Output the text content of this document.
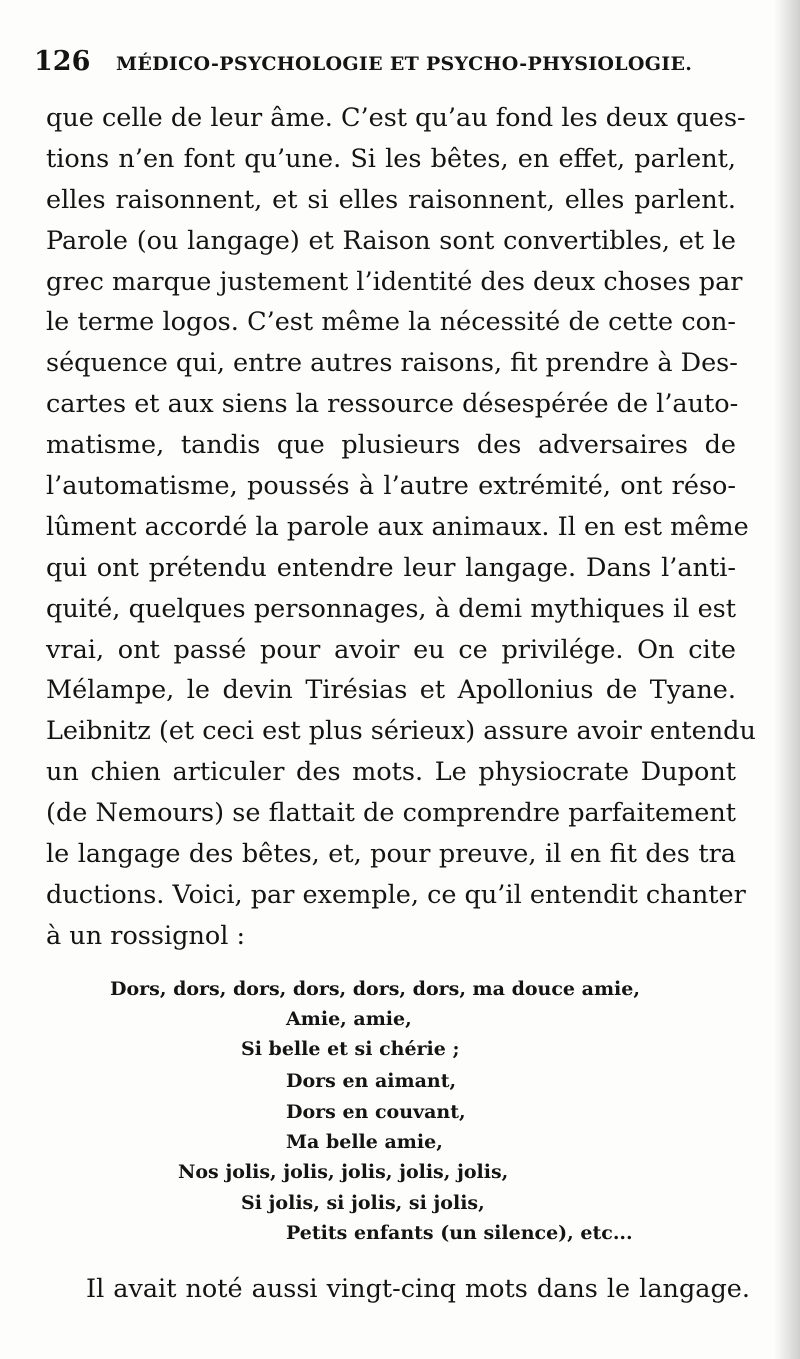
126 MÉDICO-PSYCHOLOGIE ET PSYCHO-PHYSIOLOGIE.
que celle de leur âme. C’est qu’au fond les deux ques-
tions n’en font qu’une. Si les bêtes, en effet, parlent,
elles raisonnent, et si elles raisonnent, elles parlent.
Parole (ou langage) et Raison sont convertibles, et le
grec marque justement l’identité des deux choses par
le terme logos. C’est même la nécessité de cette con-
séquence qui, entre autres raisons, fit prendre à Des-
cartes et aux siens la ressource désespérée de l’auto-
matisme, tandis que plusieurs des adversaires de
l’automatisme, poussés à l’autre extrémité, ont réso-
lûment accordé la parole aux animaux. Il en est même
qui ont prétendu entendre leur langage. Dans l’anti-
quité, quelques personnages, à demi mythiques il est
vrai, ont passé pour avoir eu ce privilége. On cite
Mélampe, le devin Tirésias et Apollonius de Tyane.
Leibnitz (et ceci est plus sérieux) assure avoir entendu
un chien articuler des mots. Le physiocrate Dupont
(de Nemours) se flattait de comprendre parfaitement
le langage des bêtes, et, pour preuve, il en fit des tra
ductions. Voici, par exemple, ce qu’il entendit chanter
à un rossignol :
Dors, dors, dors, dors, dors, dors, ma douce amie,
Amie, amie,
Si belle et si chérie ;
Dors en aimant,
Dors en couvant,
Ma belle amie,
Nos jolis, jolis, jolis, jolis, jolis,
Si jolis, si jolis, si jolis,
Petits enfants (un silence), etc...
Il avait noté aussi vingt-cinq mots dans le langage.
